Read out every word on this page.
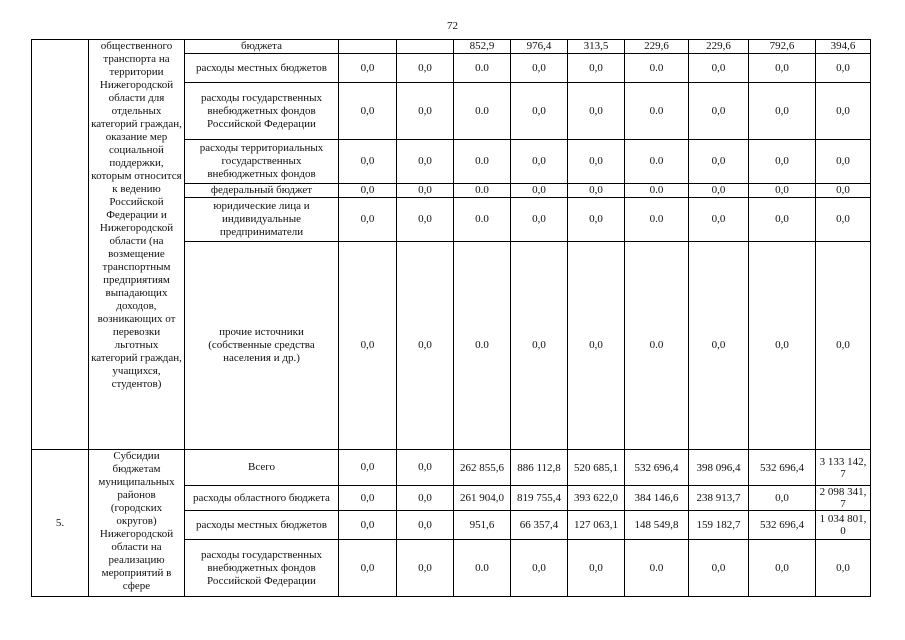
72
	общественного транспорта на территории Нижегородской области для отдельных категорий граждан, оказание мер социальной поддержки, которым относится к ведению Российской Федерации и Нижегородской области (на возмещение транспортным предприятиям выпадающих доходов, возникающих от перевозки льготных категорий граждан, учащихся, студентов)	бюджета			852,9	976,4	313,5	229,6	229,6	792,6	394,6
		расходы местных бюджетов	0,0	0,0	0.0	0,0	0,0	0.0	0,0	0,0	0,0
		расходы государственных внебюджетных фондов Российской Федерации	0,0	0,0	0.0	0,0	0,0	0.0	0,0	0,0	0,0
		расходы территориальных государственных внебюджетных фондов	0,0	0,0	0.0	0,0	0,0	0.0	0,0	0,0	0,0
		федеральный бюджет	0,0	0,0	0.0	0,0	0,0	0.0	0,0	0,0	0,0
		юридические лица и индивидуальные предприниматели	0,0	0,0	0.0	0,0	0,0	0.0	0,0	0,0	0,0
		прочие источники (собственные средства населения и др.)	0,0	0,0	0.0	0,0	0,0	0.0	0,0	0,0	0,0
5.	Субсидии бюджетам муниципальных районов (городских округов) Нижегородской области на реализацию мероприятий в сфере	Всего	0,0	0,0	262 855,6	886 112,8	520 685,1	532 696,4	398 096,4	532 696,4	3 133 142,7
		расходы областного бюджета	0,0	0,0	261 904,0	819 755,4	393 622,0	384 146,6	238 913,7	0,0	2 098 341,7
		расходы местных бюджетов	0,0	0,0	951,6	66 357,4	127 063,1	148 549,8	159 182,7	532 696,4	1 034 801,0
		расходы государственных внебюджетных фондов Российской Федерации	0,0	0,0	0.0	0,0	0,0	0.0	0,0	0,0	0,0
